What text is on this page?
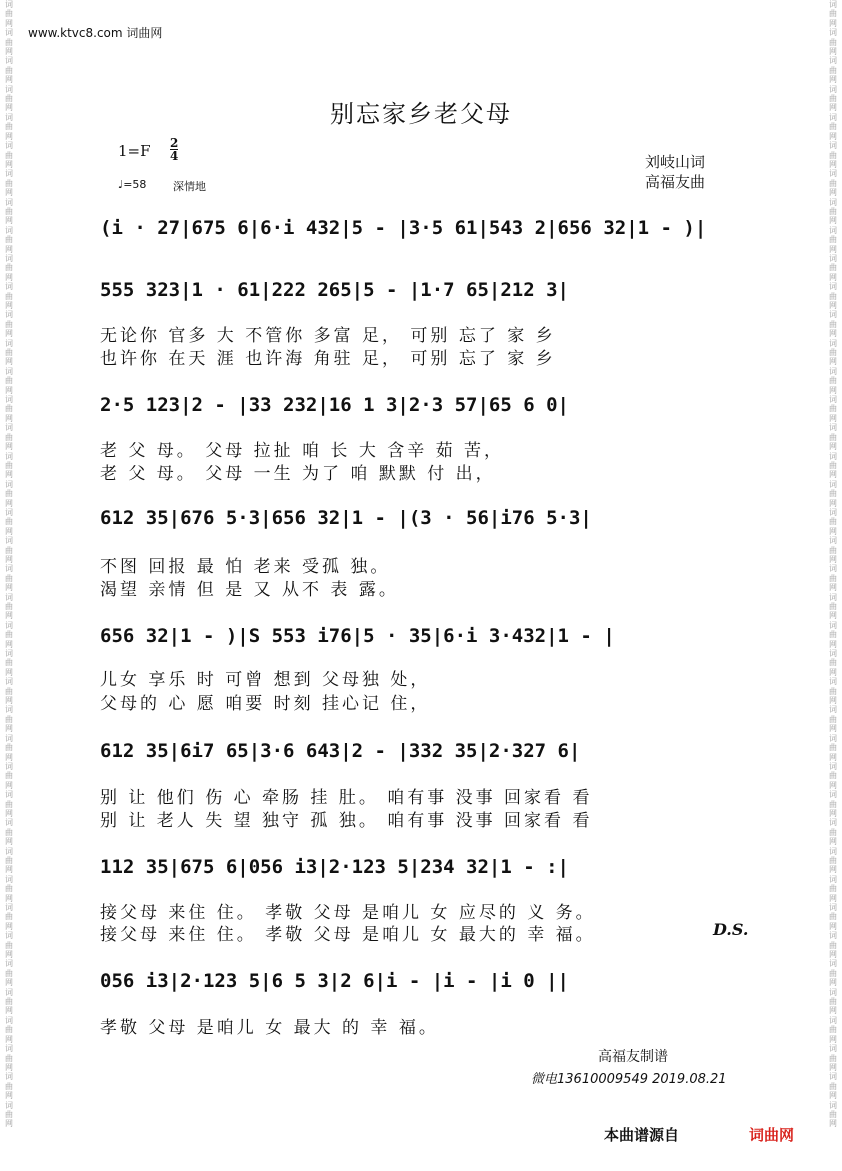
词曲网词曲网词曲网词曲网词曲网词曲网词曲网词曲网词曲网词曲网词曲网词曲网词曲网词曲网词曲网词曲网词曲网词曲网词曲网词曲网词曲网词曲网词曲网词曲网词曲网词曲网词曲网词曲网词曲网词曲网词曲网词曲网词曲网词曲网词曲网词曲网词曲网词曲网词曲网词曲网
词曲网词曲网词曲网词曲网词曲网词曲网词曲网词曲网词曲网词曲网词曲网词曲网词曲网词曲网词曲网词曲网词曲网词曲网词曲网词曲网词曲网词曲网词曲网词曲网词曲网词曲网词曲网词曲网词曲网词曲网词曲网词曲网词曲网词曲网词曲网词曲网词曲网词曲网词曲网词曲网
www.ktvc8.com 词曲网
别忘家乡老父母
$1=F \frac{2}{4}$
♩=58 深情地
刘岐山词
高福友曲
(i · 27|675 6|6·i 432|5 - |3·5 61|543 2|656 32|1 - )|
555 323|1 · 61|222 265|5 - |1·7 65|212 3|
无论你 官多 大 不管你 多富 足， 可别 忘了 家 乡
也许你 在天 涯 也许海 角驻 足， 可别 忘了 家 乡
2·5 123|2 - |33 232|16 1 3|2·3 57|65 6 0|
老 父 母。 父母 拉扯 咱 长 大 含辛 茹 苦，
老 父 母。 父母 一生 为了 咱 默默 付 出，
612 35|676 5·3|656 32|1 - |(3 · 56|i76 5·3|
不图 回报 最 怕 老来 受孤 独。
渴望 亲情 但 是 又 从不 表 露。
656 32|1 - )|S 553 i76|5 · 35|6·i 3·432|1 - |
儿女 享乐 时 可曾 想到 父母独 处，
父母的 心 愿 咱要 时刻 挂心记 住，
612 35|6i7 65|3·6 643|2 - |332 35|2·327 6|
别 让 他们 伤 心 牵肠 挂 肚。 咱有事 没事 回家看 看
别 让 老人 失 望 独守 孤 独。 咱有事 没事 回家看 看
112 35|675 6|056 i3|2·123 5|234 32|1 - :|
接父母 来住 住。 孝敬 父母 是咱儿 女 应尽的 义 务。
接父母 来住 住。 孝敬 父母 是咱儿 女 最大的 幸 福。	D.S.
056 i3|2·123 5|6 5 3|2 6|i - |i - |i 0 ||
孝敬 父母 是咱儿 女 最大 的 幸 福。
高福友制谱
微电13610009549 2019.08.21
本曲谱源自	词曲网
